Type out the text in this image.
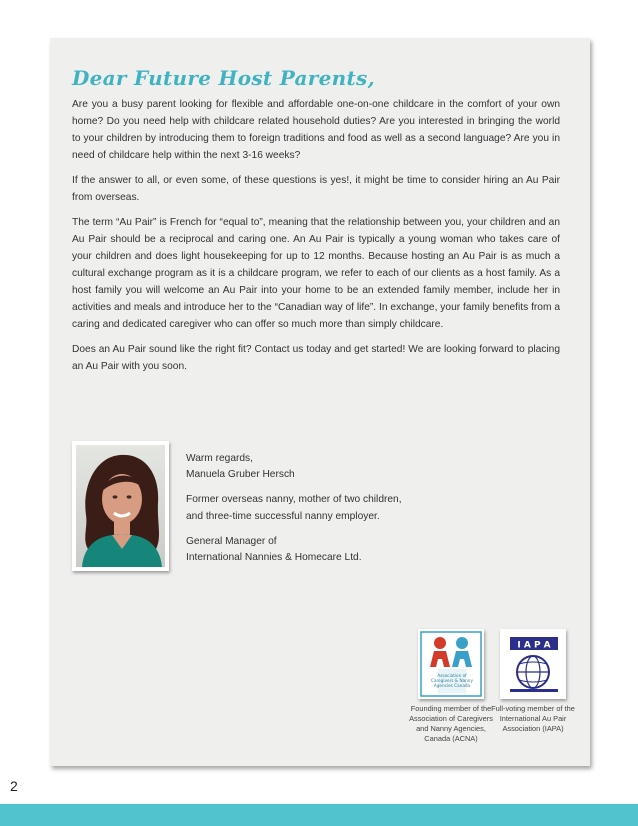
Dear Future Host Parents,

Are you a busy parent looking for flexible and affordable one-on-one childcare in the comfort of your own home? Do you need help with childcare related household duties? Are you interested in bringing the world to your children by introducing them to foreign traditions and food as well as a second language? Are you in need of childcare help within the next 3-16 weeks?

If the answer to all, or even some, of these questions is yes!, it might be time to consider hiring an Au Pair from overseas.

The term “Au Pair” is French for “equal to”, meaning that the relationship between you, your children and an Au Pair should be a reciprocal and caring one. An Au Pair is typically a young woman who takes care of your children and does light housekeeping for up to 12 months. Because hosting an Au Pair is as much a cultural exchange program as it is a childcare program, we refer to each of our clients as a host family. As a host family you will welcome an Au Pair into your home to be an extended family member, include her in activities and meals and introduce her to the “Canadian way of life”. In exchange, your family benefits from a caring and dedicated caregiver who can offer so much more than simply childcare.

Does an Au Pair sound like the right fit? Contact us today and get started! We are looking forward to placing an Au Pair with you soon.

Warm regards,
Manuela Gruber Hersch

Former overseas nanny, mother of two children,
and three-time successful nanny employer.

General Manager of
International Nannies & Homecare Ltd.

Association of
Caregivers & Nanny
Agencies Canada
I A P A
Founding member of the Association of Caregivers and Nanny Agencies, Canada (ACNA)
Full-voting member of the International Au Pair Association (IAPA)
2
